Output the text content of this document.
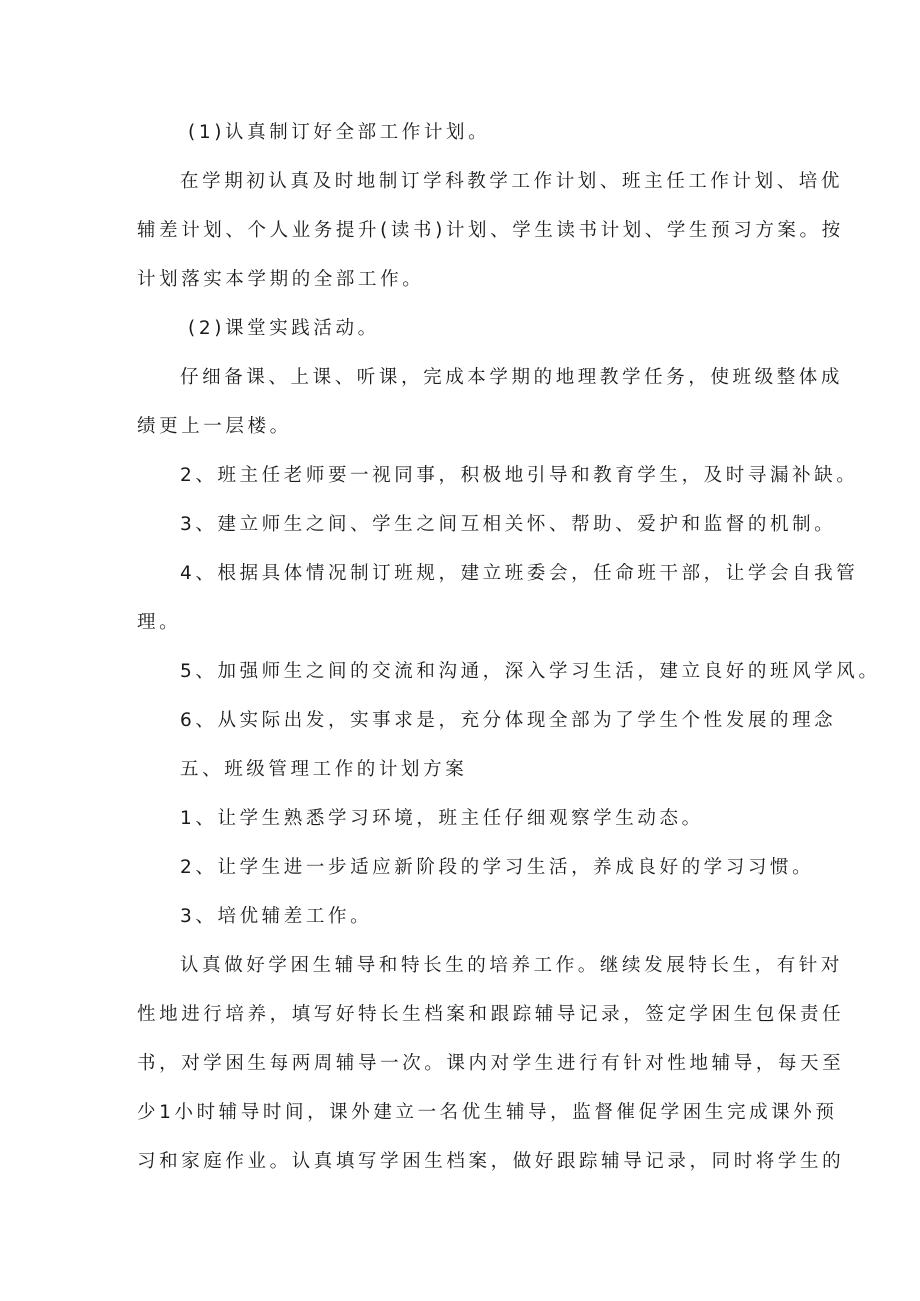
(1)认真制订好全部工作计划。

在学期初认真及时地制订学科教学工作计划、班主任工作计划、培优

辅差计划、个人业务提升(读书)计划、学生读书计划、学生预习方案。按

计划落实本学期的全部工作。

(2)课堂实践活动。

仔细备课、上课、听课，完成本学期的地理教学任务，使班级整体成

绩更上一层楼。

2、班主任老师要一视同事，积极地引导和教育学生，及时寻漏补缺。

3、建立师生之间、学生之间互相关怀、帮助、爱护和监督的机制。

4、根据具体情况制订班规，建立班委会，任命班干部，让学会自我管

理。

5、加强师生之间的交流和沟通，深入学习生活，建立良好的班风学风。

6、从实际出发，实事求是，充分体现全部为了学生个性发展的理念

五、班级管理工作的计划方案

1、让学生熟悉学习环境，班主任仔细观察学生动态。

2、让学生进一步适应新阶段的学习生活，养成良好的学习习惯。

3、培优辅差工作。

认真做好学困生辅导和特长生的培养工作。继续发展特长生，有针对

性地进行培养，填写好特长生档案和跟踪辅导记录，签定学困生包保责任

书，对学困生每两周辅导一次。课内对学生进行有针对性地辅导，每天至

少1小时辅导时间，课外建立一名优生辅导，监督催促学困生完成课外预

习和家庭作业。认真填写学困生档案，做好跟踪辅导记录，同时将学生的
